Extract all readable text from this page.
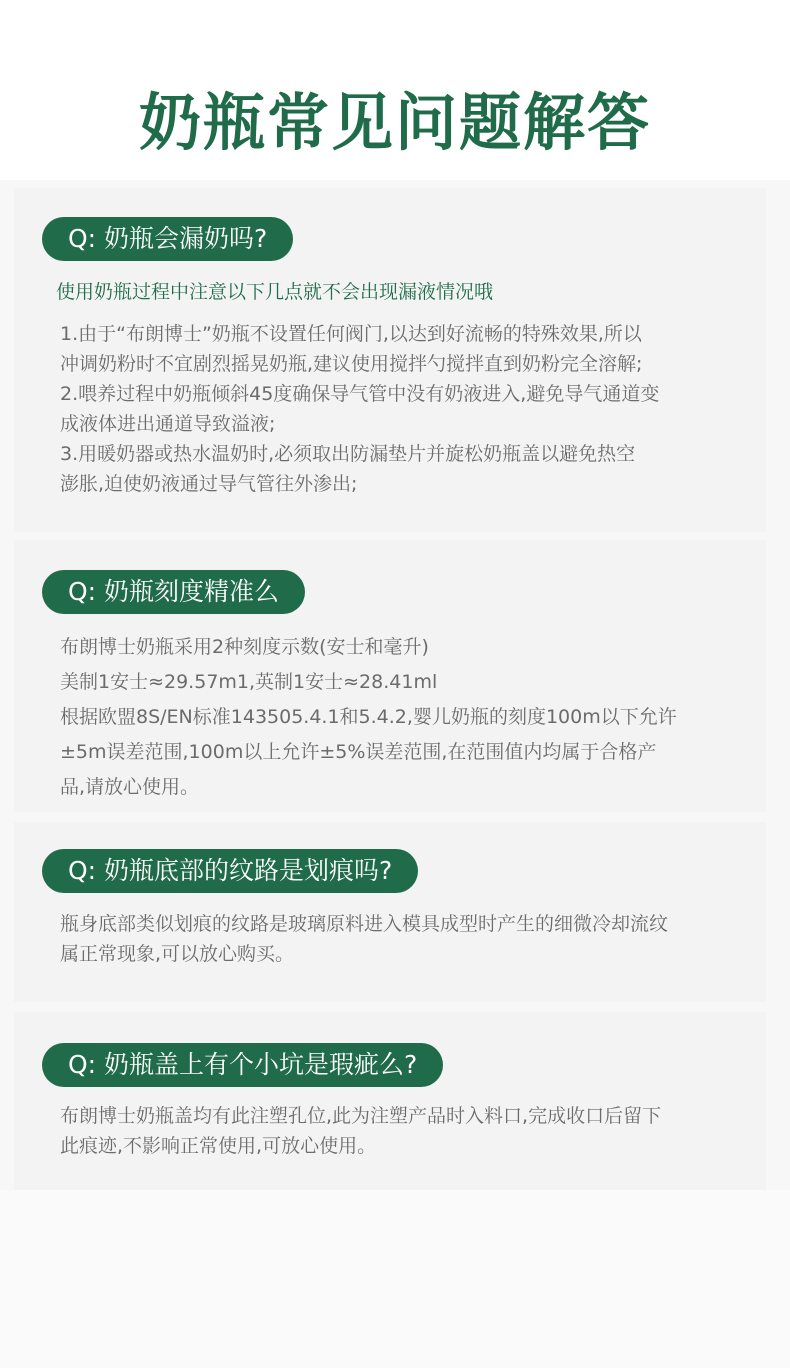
奶瓶常见问题解答
Q: 奶瓶会漏奶吗?
使用奶瓶过程中注意以下几点就不会出现漏液情况哦
1.由于“布朗博士”奶瓶不设置任何阀门,以达到好流畅的特殊效果,所以
冲调奶粉时不宜剧烈摇晃奶瓶,建议使用搅拌勺搅拌直到奶粉完全溶解;
2.喂养过程中奶瓶倾斜45度确保导气管中没有奶液进入,避免导气通道变
成液体进出通道导致溢液;
3.用暖奶器或热水温奶时,必须取出防漏垫片并旋松奶瓶盖以避免热空
澎胀,迫使奶液通过导气管往外渗出;
Q: 奶瓶刻度精准么
布朗博士奶瓶采用2种刻度示数(安士和毫升)
美制1安士≈29.57m1,英制1安士≈28.41ml
根据欧盟8S/EN标准143505.4.1和5.4.2,婴儿奶瓶的刻度100m以下允许
±5m误差范围,100m以上允许±5%误差范围,在范围值内均属于合格产
品,请放心使用。
Q: 奶瓶底部的纹路是划痕吗?
瓶身底部类似划痕的纹路是玻璃原料进入模具成型时产生的细微冷却流纹
属正常现象,可以放心购买。
Q: 奶瓶盖上有个小坑是瑕疵么?
布朗博士奶瓶盖均有此注塑孔位,此为注塑产品时入料口,完成收口后留下
此痕迹,不影响正常使用,可放心使用。
